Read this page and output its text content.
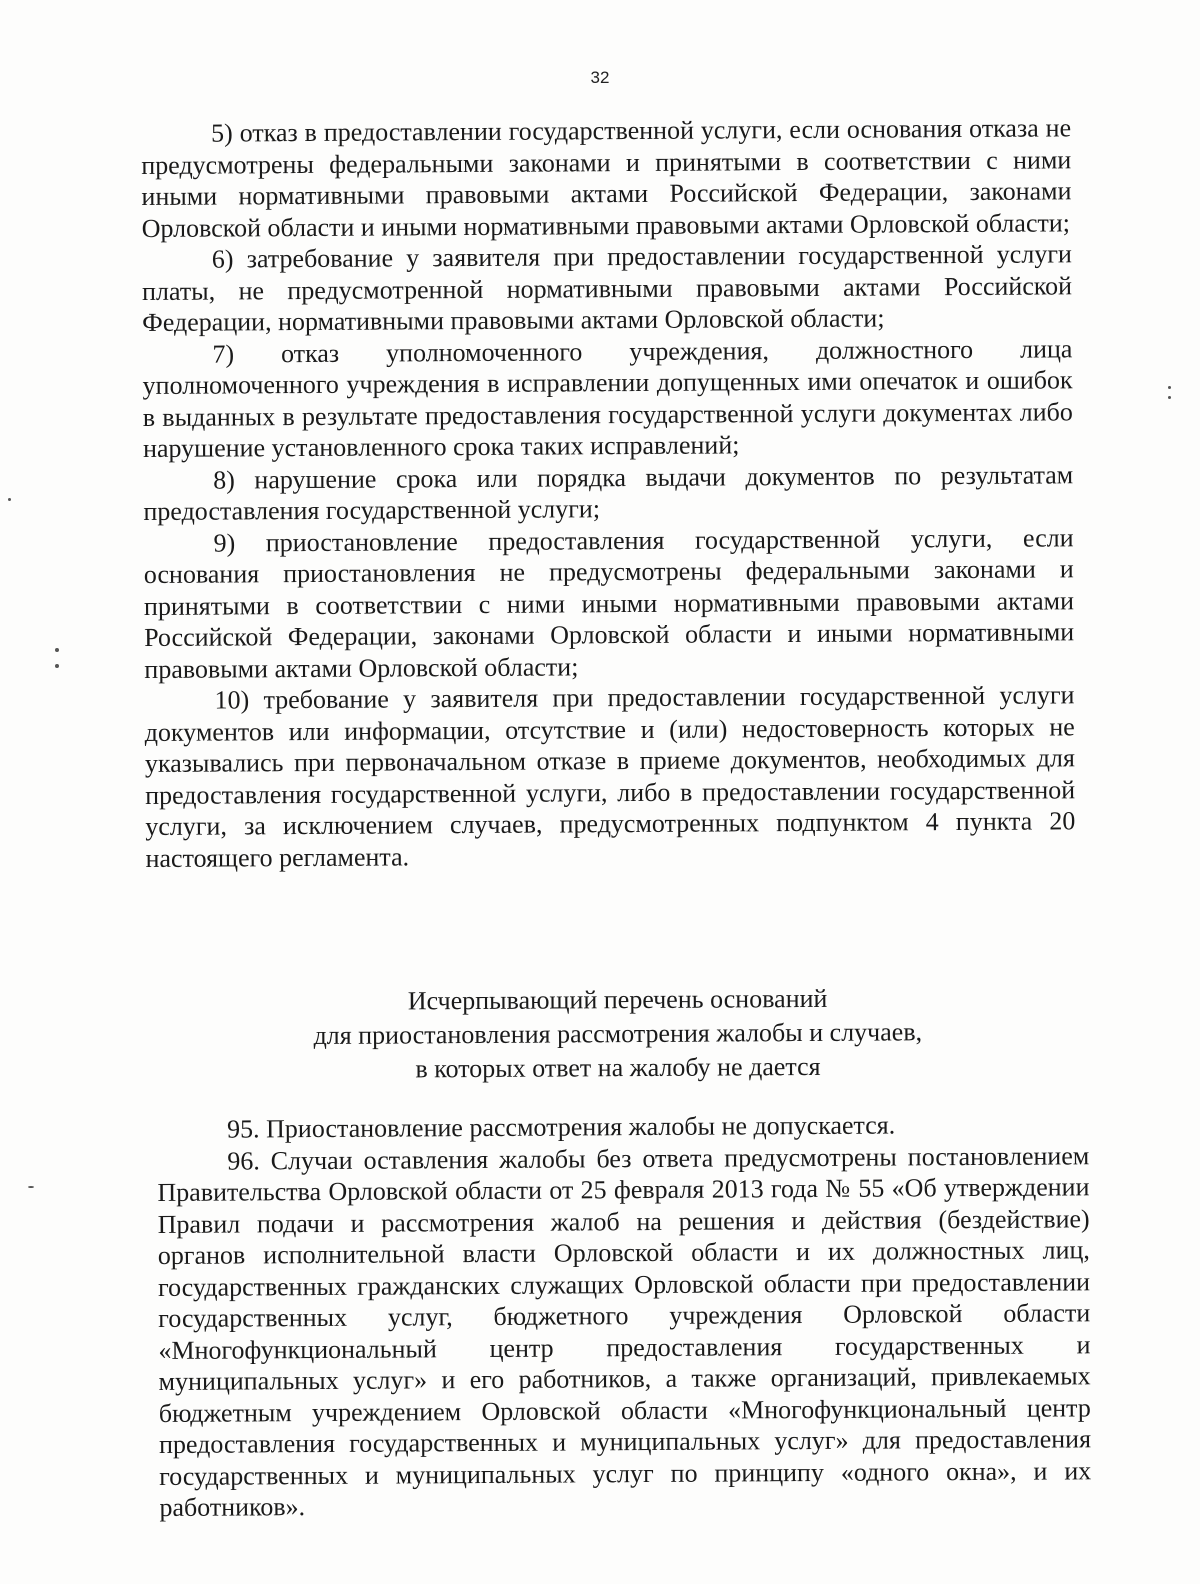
32

5) отказ в предоставлении государственной услуги, если основания отказа не предусмотрены федеральными законами и принятыми в соответствии с ними иными нормативными правовыми актами Российской Федерации, законами Орловской области и иными нормативными правовыми актами Орловской области;

6) затребование у заявителя при предоставлении государственной услуги платы, не предусмотренной нормативными правовыми актами Российской Федерации, нормативными правовыми актами Орловской области;

7) отказ уполномоченного учреждения, должностного лица уполномоченного учреждения в исправлении допущенных ими опечаток и ошибок в выданных в результате предоставления государственной услуги документах либо нарушение установленного срока таких исправлений;

8) нарушение срока или порядка выдачи документов по результатам предоставления государственной услуги;

9) приостановление предоставления государственной услуги, если основания приостановления не предусмотрены федеральными законами и принятыми в соответствии с ними иными нормативными правовыми актами Российской Федерации, законами Орловской области и иными нормативными правовыми актами Орловской области;

10) требование у заявителя при предоставлении государственной услуги документов или информации, отсутствие и (или) недостоверность которых не указывались при первоначальном отказе в приеме документов, необходимых для предоставления государственной услуги, либо в предоставлении государственной услуги, за исключением случаев, предусмотренных подпунктом 4 пункта 20 настоящего регламента.

Исчерпывающий перечень оснований
для приостановления рассмотрения жалобы и случаев,
в которых ответ на жалобу не дается

95. Приостановление рассмотрения жалобы не допускается.

96. Случаи оставления жалобы без ответа предусмотрены постановлением Правительства Орловской области от 25 февраля 2013 года № 55 «Об утверждении Правил подачи и рассмотрения жалоб на решения и действия (бездействие) органов исполнительной власти Орловской области и их должностных лиц, государственных гражданских служащих Орловской области при предоставлении государственных услуг, бюджетного учреждения Орловской области «Многофункциональный центр предоставления государственных и муниципальных услуг» и его работников, а также организаций, привлекаемых бюджетным учреждением Орловской области «Многофункциональный центр предоставления государственных и муниципальных услуг» для предоставления государственных и муниципальных услуг по принципу «одного окна», и их работников».
